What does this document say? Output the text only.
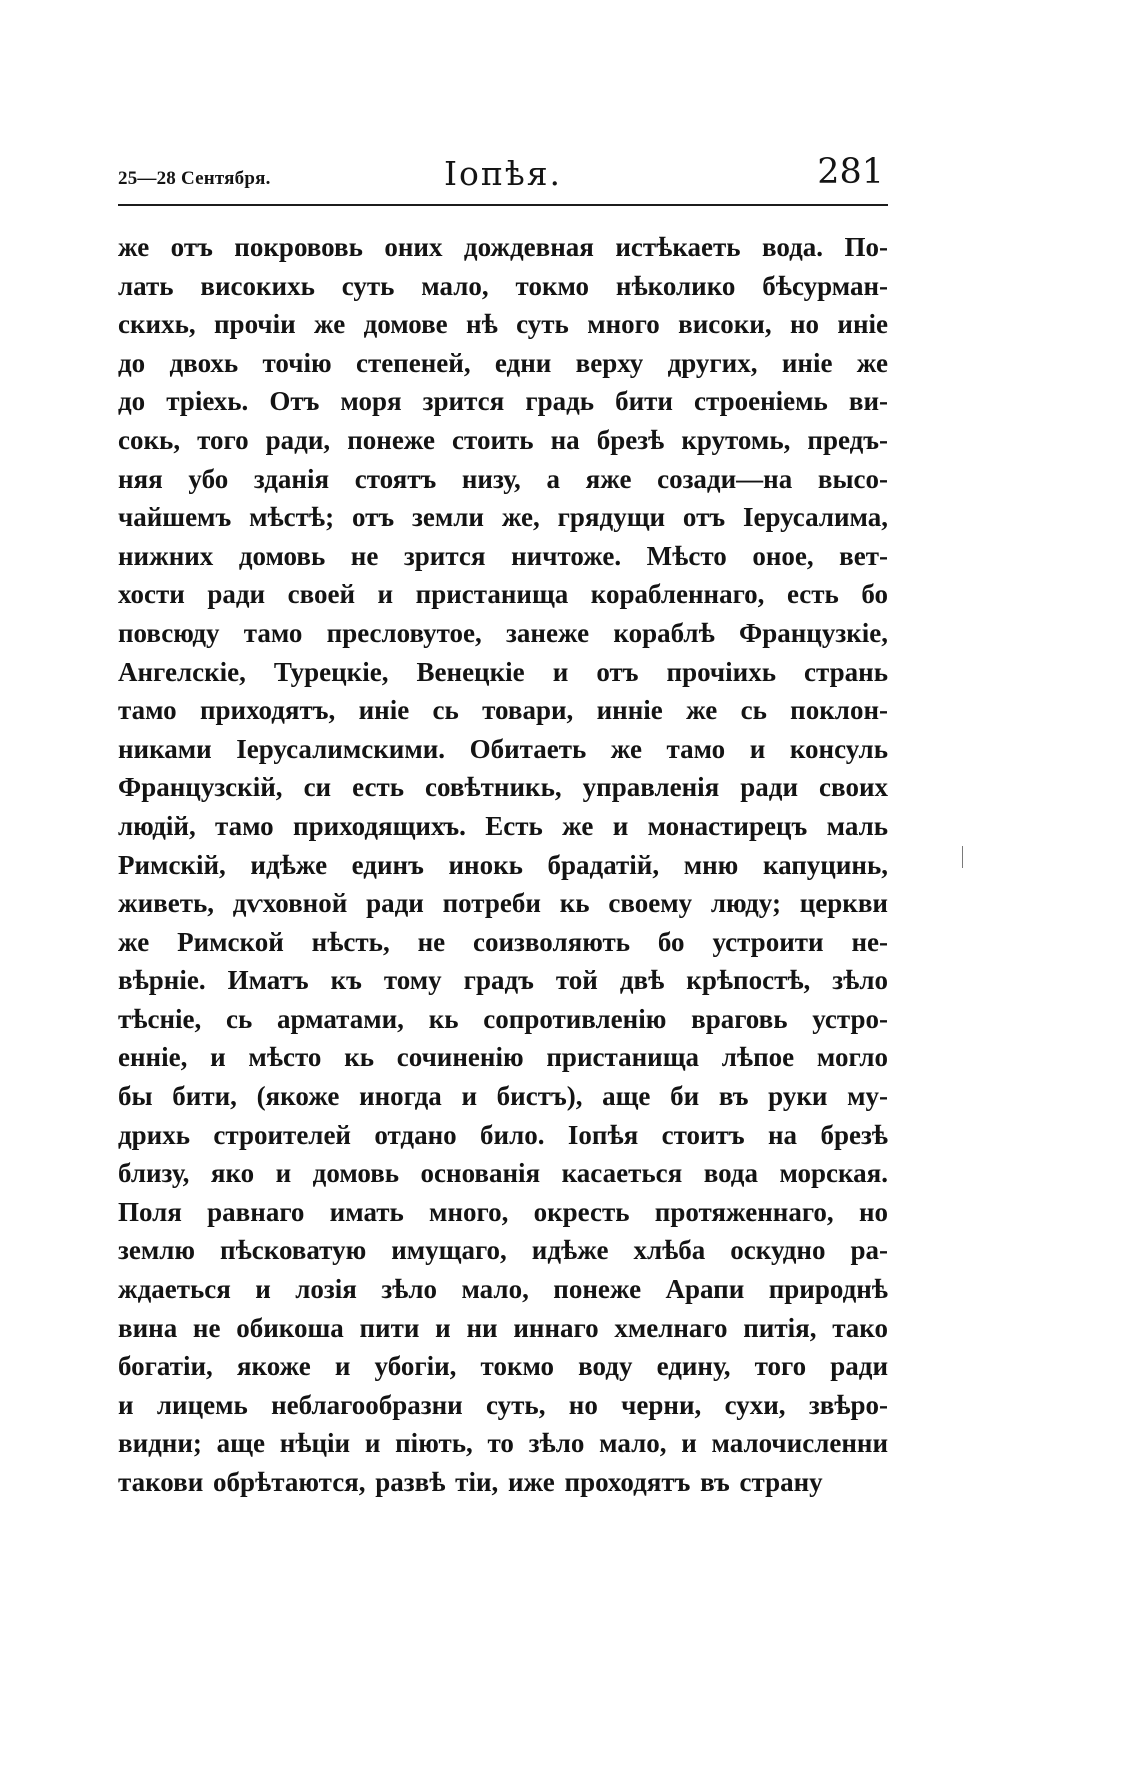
25—28 Сентября.	Іопѣя.	281
же отъ покрововь оних дождевная истѣкаеть вода. По-
лать високихь суть мало, токмо нѣколико бѣсурман-
скихь, прочіи же домове нѣ суть много високи, но иніе
до двохь точію степеней, едни верху других, иніе же
до тріехь. Отъ моря зрится градь бити строеніемь ви-
сокь, того ради, понеже стоить на брезѣ крутомь, предъ-
няя убо зданія стоятъ низу, а яже созади—на высо-
чайшемъ мѣстѣ; отъ земли же, грядущи отъ Іерусалима,
нижних домовь не зрится ничтоже. Мѣсто оное, вет-
хости ради своей и пристанища корабленнаго, есть бо
повсюду тамо пресловутое, занеже кораблѣ Французкіе,
Ангелскіе, Турецкіе, Венецкіе и отъ прочіихь странь
тамо приходятъ, иніе сь товари, инніе же сь поклон-
никами Іерусалимскими. Обитаеть же тамо и консуль
Французскій, си есть совѣтникь, управленія ради своих
людій, тамо приходящихъ. Есть же и монастирецъ маль
Римскій, идѣже единъ инокь брадатій, мню капуцинь,
живеть, дѵховной ради потреби кь своему люду; церкви
же Римской нѣсть, не соизволяють бо устроити не-
вѣрніе. Иматъ къ тому градъ той двѣ крѣпостѣ, зѣло
тѣсніе, сь арматами, кь сопротивленію враговь устро-
енніе, и мѣсто кь сочиненію пристанища лѣпое могло
бы бити, (якоже иногда и бистъ), аще би въ руки му-
дрихь строителей отдано било. Іопѣя стоитъ на брезѣ
близу, яко и домовь основанія касаеться вода морская.
Поля равнаго имать много, окресть протяженнаго, но
землю пѣсковатую имущаго, идѣже хлѣба оскудно ра-
ждаеться и лозія зѣло мало, понеже Арапи природнѣ
вина не обикоша пити и ни иннаго хмелнаго питія, тако
богатіи, якоже и убогіи, токмо воду едину, того ради
и лицемь неблагообразни суть, но черни, сухи, звѣро-
видни; аще нѣціи и піють, то зѣло мало, и малочисленни
такови обрѣтаются, развѣ тіи, иже проходятъ въ страну
